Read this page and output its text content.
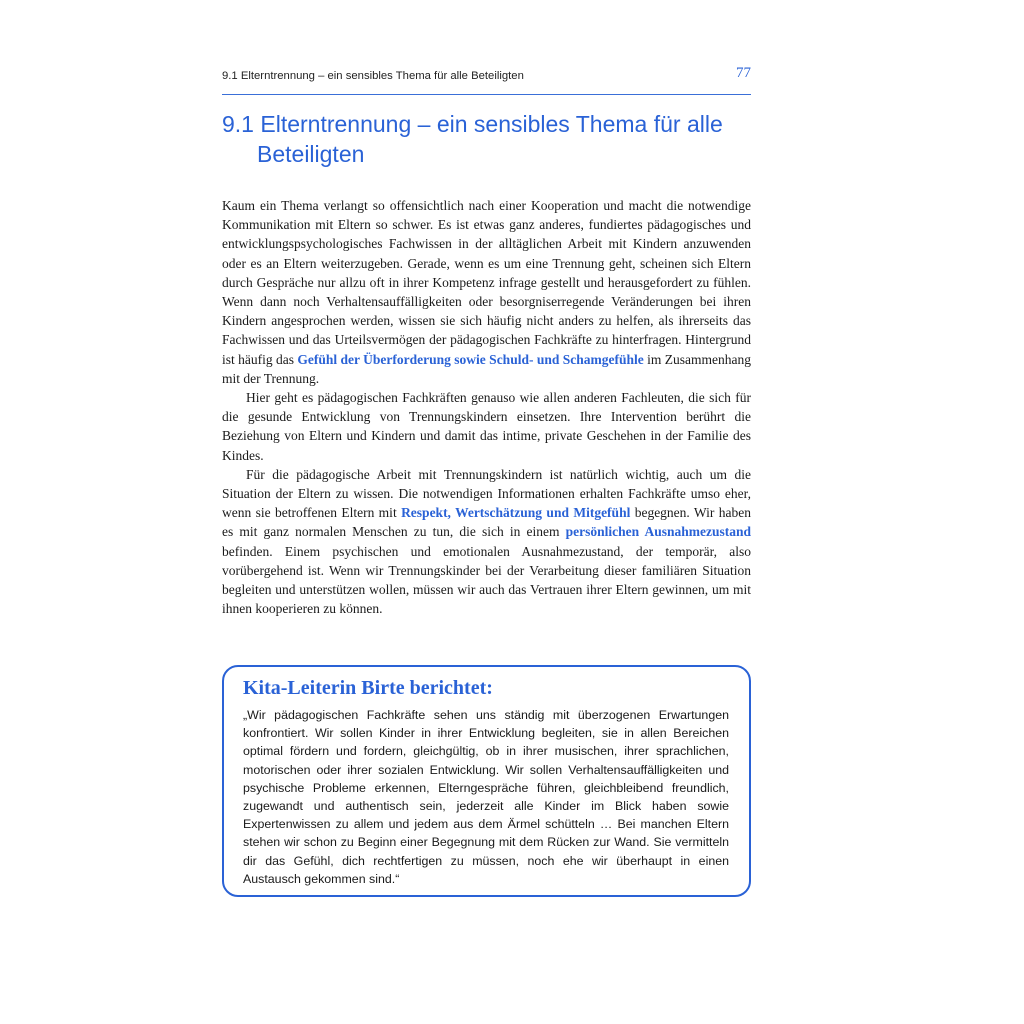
9.1 Elterntrennung – ein sensibles Thema für alle Beteiligten	77
9.1 Elterntrennung – ein sensibles Thema für alle Beteiligten

Kaum ein Thema verlangt so offensichtlich nach einer Kooperation und macht die notwendige Kommunikation mit Eltern so schwer. Es ist etwas ganz anderes, fundiertes pädagogisches und entwicklungspsychologisches Fachwissen in der alltäglichen Arbeit mit Kindern anzuwenden oder es an Eltern weiterzugeben. Gerade, wenn es um eine Trennung geht, scheinen sich Eltern durch Gespräche nur allzu oft in ihrer Kompetenz infrage gestellt und herausgefordert zu fühlen. Wenn dann noch Verhaltensauffälligkeiten oder besorgniserregende Veränderungen bei ihren Kindern angesprochen werden, wissen sie sich häufig nicht anders zu helfen, als ihrerseits das Fachwissen und das Urteilsvermögen der pädagogischen Fachkräfte zu hinterfragen. Hintergrund ist häufig das Gefühl der Überforderung sowie Schuld- und Schamgefühle im Zusammenhang mit der Trennung.

Hier geht es pädagogischen Fachkräften genauso wie allen anderen Fachleuten, die sich für die gesunde Entwicklung von Trennungskindern einsetzen. Ihre Intervention berührt die Beziehung von Eltern und Kindern und damit das intime, private Geschehen in der Familie des Kindes.

Für die pädagogische Arbeit mit Trennungskindern ist natürlich wichtig, auch um die Situation der Eltern zu wissen. Die notwendigen Informationen erhalten Fachkräfte umso eher, wenn sie betroffenen Eltern mit Respekt, Wertschätzung und Mitgefühl begegnen. Wir haben es mit ganz normalen Menschen zu tun, die sich in einem persönlichen Ausnahmezustand befinden. Einem psychischen und emotionalen Ausnahmezustand, der temporär, also vorübergehend ist. Wenn wir Trennungskinder bei der Verarbeitung dieser familiären Situation begleiten und unterstützen wollen, müssen wir auch das Vertrauen ihrer Eltern gewinnen, um mit ihnen kooperieren zu können.

Kita-Leiterin Birte berichtet:

„Wir pädagogischen Fachkräfte sehen uns ständig mit überzogenen Erwartungen konfrontiert. Wir sollen Kinder in ihrer Entwicklung begleiten, sie in allen Bereichen optimal fördern und fordern, gleichgültig, ob in ihrer musischen, ihrer sprachlichen, motorischen oder ihrer sozialen Entwicklung. Wir sollen Verhaltensauffälligkeiten und psychische Probleme erkennen, Elterngespräche führen, gleichbleibend freundlich, zugewandt und authentisch sein, jederzeit alle Kinder im Blick haben sowie Expertenwissen zu allem und jedem aus dem Ärmel schütteln … Bei manchen Eltern stehen wir schon zu Beginn einer Begegnung mit dem Rücken zur Wand. Sie vermitteln dir das Gefühl, dich rechtfertigen zu müssen, noch ehe wir überhaupt in einen Austausch gekommen sind.“
